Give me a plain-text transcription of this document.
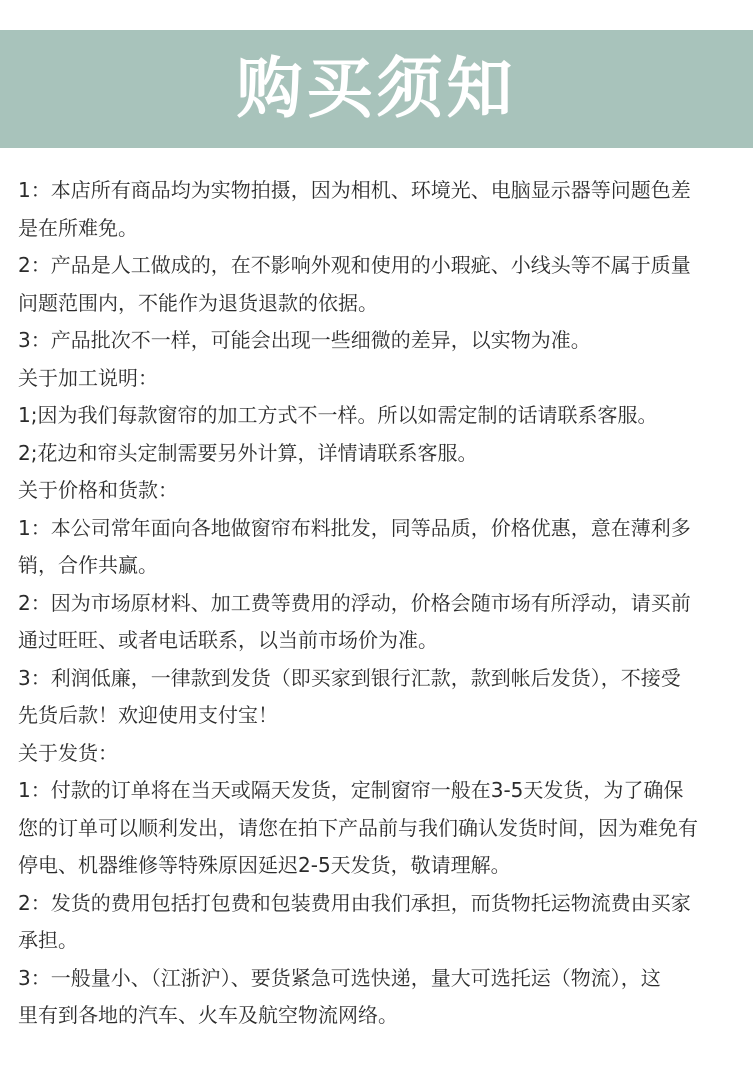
购买须知
1：本店所有商品均为实物拍摄，因为相机、环境光、电脑显示器等问题色差
是在所难免。
2：产品是人工做成的，在不影响外观和使用的小瑕疵、小线头等不属于质量
问题范围内，不能作为退货退款的依据。
3：产品批次不一样，可能会出现一些细微的差异，以实物为准。
关于加工说明：
1;因为我们每款窗帘的加工方式不一样。所以如需定制的话请联系客服。
2;花边和帘头定制需要另外计算，详情请联系客服。
关于价格和货款：
1：本公司常年面向各地做窗帘布料批发，同等品质，价格优惠，意在薄利多
销，合作共赢。
2：因为市场原材料、加工费等费用的浮动，价格会随市场有所浮动，请买前
通过旺旺、或者电话联系，以当前市场价为准。
3：利润低廉，一律款到发货（即买家到银行汇款，款到帐后发货），不接受
先货后款！欢迎使用支付宝！
关于发货：
1：付款的订单将在当天或隔天发货，定制窗帘一般在3-5天发货，为了确保
您的订单可以顺利发出，请您在拍下产品前与我们确认发货时间，因为难免有
停电、机器维修等特殊原因延迟2-5天发货，敬请理解。
2：发货的费用包括打包费和包装费用由我们承担，而货物托运物流费由买家
承担。
3：一般量小、（江浙沪）、要货紧急可选快递，量大可选托运（物流），这
里有到各地的汽车、火车及航空物流网络。
